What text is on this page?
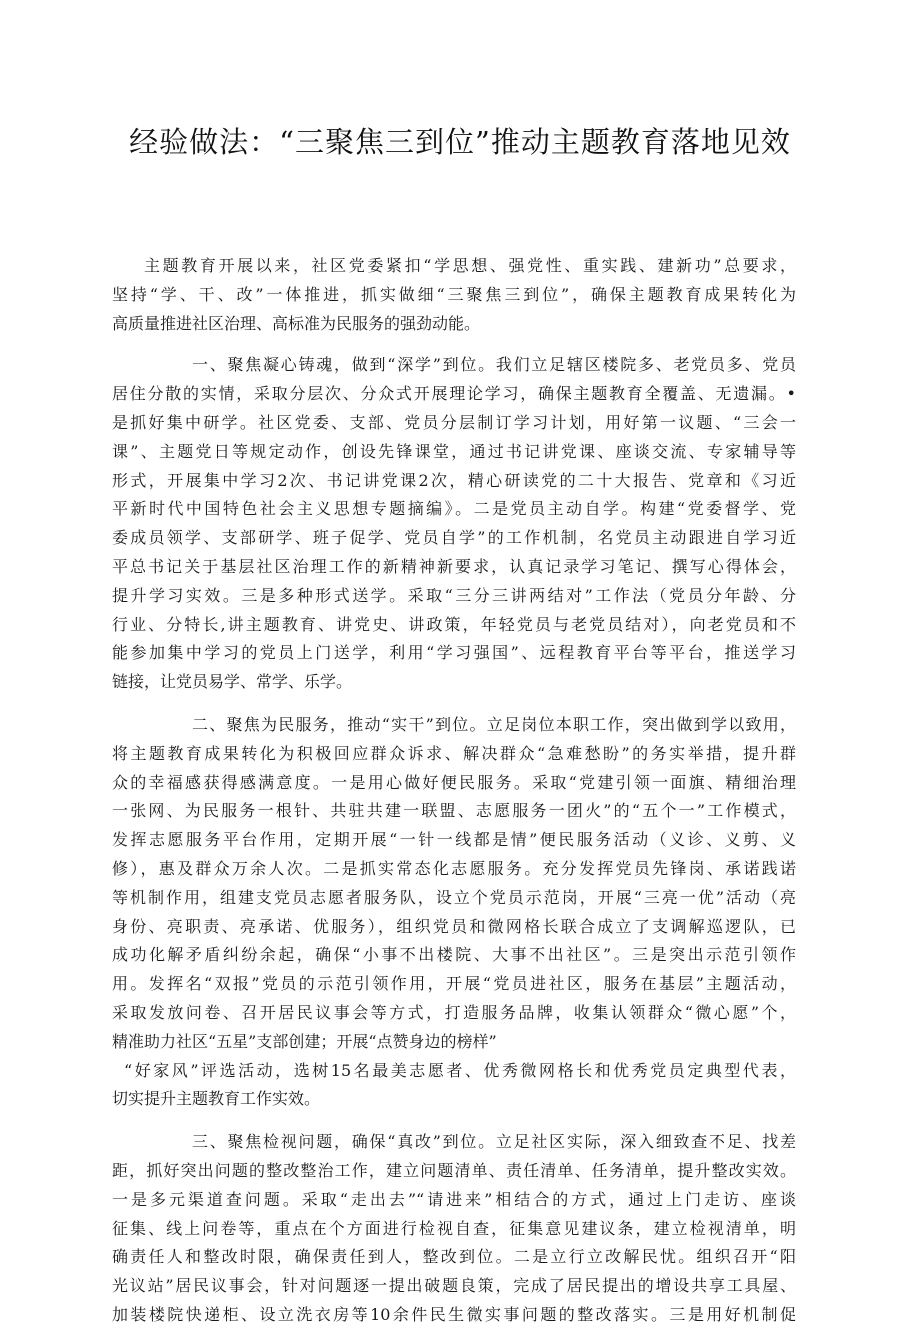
经验做法：“三聚焦三到位”推动主题教育落地见效
主题教育开展以来，社区党委紧扣“学思想、强党性、重实践、建新功”总要求，
坚持“学、干、改”一体推进，抓实做细“三聚焦三到位”，确保主题教育成果转化为
高质量推进社区治理、高标准为民服务的强劲动能。
一、聚焦凝心铸魂，做到“深学”到位。我们立足辖区楼院多、老党员多、党员
居住分散的实情，采取分层次、分众式开展理论学习，确保主题教育全覆盖、无遗漏。•
是抓好集中研学。社区党委、支部、党员分层制订学习计划，用好第一议题、“三会一
课”、主题党日等规定动作，创设先锋课堂，通过书记讲党课、座谈交流、专家辅导等
形式，开展集中学习2次、书记讲党课2次，精心研读党的二十大报告、党章和《习近
平新时代中国特色社会主义思想专题摘编》。二是党员主动自学。构建“党委督学、党
委成员领学、支部研学、班子促学、党员自学”的工作机制，名党员主动跟进自学习近
平总书记关于基层社区治理工作的新精神新要求，认真记录学习笔记、撰写心得体会，
提升学习实效。三是多种形式送学。采取“三分三讲两结对”工作法（党员分年龄、分
行业、分特长,讲主题教育、讲党史、讲政策，年轻党员与老党员结对），向老党员和不
能参加集中学习的党员上门送学，利用“学习强国”、远程教育平台等平台，推送学习
链接，让党员易学、常学、乐学。
二、聚焦为民服务，推动“实干”到位。立足岗位本职工作，突出做到学以致用，
将主题教育成果转化为积极回应群众诉求、解决群众“急难愁盼”的务实举措，提升群
众的幸福感获得感满意度。一是用心做好便民服务。采取“党建引领一面旗、精细治理
一张网、为民服务一根针、共驻共建一联盟、志愿服务一团火”的“五个一”工作模式，
发挥志愿服务平台作用，定期开展“一针一线都是情”便民服务活动（义诊、义剪、义
修），惠及群众万余人次。二是抓实常态化志愿服务。充分发挥党员先锋岗、承诺践诺
等机制作用，组建支党员志愿者服务队，设立个党员示范岗，开展“三亮一优”活动（亮
身份、亮职责、亮承诺、优服务），组织党员和微网格长联合成立了支调解巡逻队，已
成功化解矛盾纠纷余起，确保“小事不出楼院、大事不出社区”。三是突出示范引领作
用。发挥名“双报”党员的示范引领作用，开展“党员进社区，服务在基层”主题活动，
采取发放问卷、召开居民议事会等方式，打造服务品牌，收集认领群众“微心愿”个，
精准助力社区“五星”支部创建；开展“点赞身边的榜样”
“好家风”评选活动，选树15名最美志愿者、优秀微网格长和优秀党员定典型代表，
切实提升主题教育工作实效。
三、聚焦检视问题，确保“真改”到位。立足社区实际，深入细致查不足、找差
距，抓好突出问题的整改整治工作，建立问题清单、责任清单、任务清单，提升整改实效。
一是多元渠道查问题。采取“走出去”“请进来”相结合的方式，通过上门走访、座谈
征集、线上问卷等，重点在个方面进行检视自查，征集意见建议条，建立检视清单，明
确责任人和整改时限，确保责任到人，整改到位。二是立行立改解民忧。组织召开“阳
光议站”居民议事会，针对问题逐一提出破题良策，完成了居民提出的增设共享工具屋、
加装楼院快递柜、设立洗衣房等10余件民生微实事问题的整改落实。三是用好机制促
